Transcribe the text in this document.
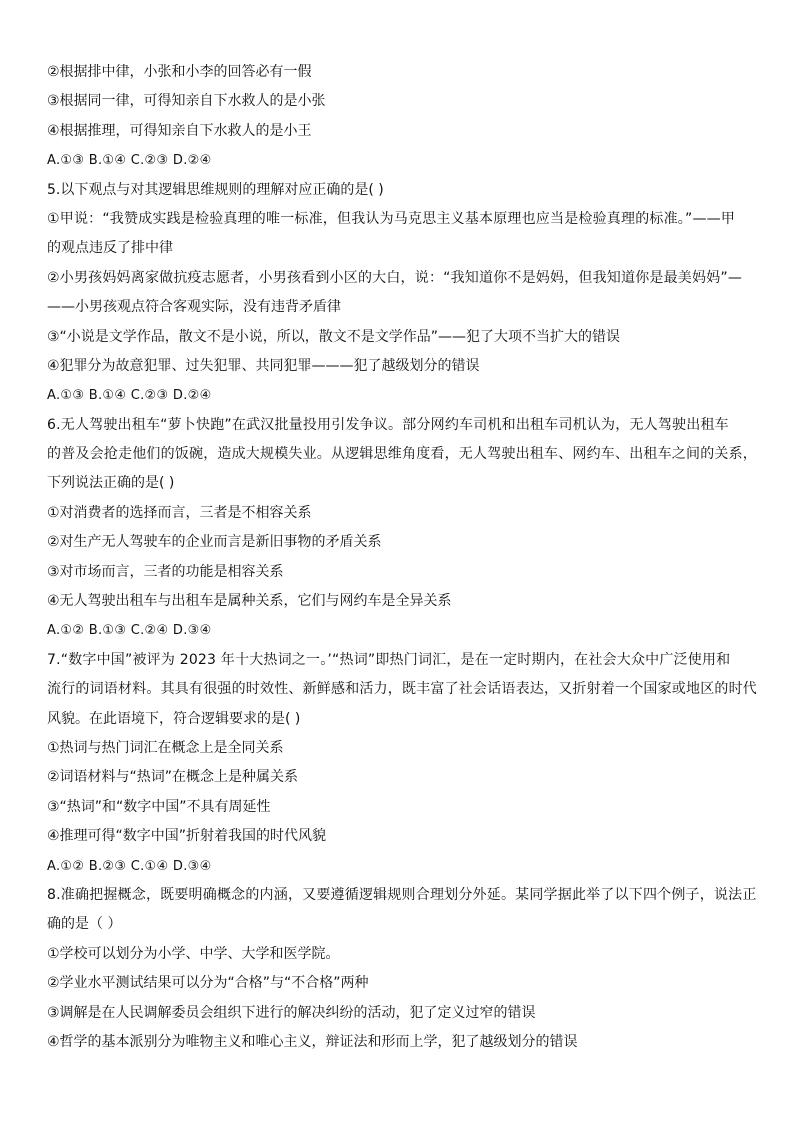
②根据排中律，小张和小李的回答必有一假
③根据同一律，可得知亲自下水救人的是小张
④根据推理，可得知亲自下水救人的是小王
A.①③ B.①④ C.②③ D.②④
5.以下观点与对其逻辑思维规则的理解对应正确的是( )
①甲说：“我赞成实践是检验真理的唯一标准，但我认为马克思主义基本原理也应当是检验真理的标准。”——甲
的观点违反了排中律
②小男孩妈妈离家做抗疫志愿者，小男孩看到小区的大白，说：“我知道你不是妈妈，但我知道你是最美妈妈”—
——小男孩观点符合客观实际，没有违背矛盾律
③“小说是文学作品，散文不是小说，所以，散文不是文学作品”——犯了大项不当扩大的错误
④犯罪分为故意犯罪、过失犯罪、共同犯罪———犯了越级划分的错误
A.①③ B.①④ C.②③ D.②④
6.无人驾驶出租车“萝卜快跑”在武汉批量投用引发争议。部分网约车司机和出租车司机认为，无人驾驶出租车
的普及会抢走他们的饭碗，造成大规模失业。从逻辑思维角度看，无人驾驶出租车、网约车、出租车之间的关系，
下列说法正确的是( )
①对消费者的选择而言，三者是不相容关系
②对生产无人驾驶车的企业而言是新旧事物的矛盾关系
③对市场而言，三者的功能是相容关系
④无人驾驶出租车与出租车是属种关系，它们与网约车是全异关系
A.①② B.①③ C.②④ D.③④
7.“数字中国”被评为 2023 年十大热词之一。’“热词”即热门词汇，是在一定时期内，在社会大众中广泛使用和
流行的词语材料。其具有很强的时效性、新鲜感和活力，既丰富了社会话语表达，又折射着一个国家或地区的时代
风貌。在此语境下，符合逻辑要求的是( )
①热词与热门词汇在概念上是全同关系
②词语材料与“热词”在概念上是种属关系
③“热词”和“数字中国”不具有周延性
④推理可得“数字中国”折射着我国的时代风貌
A.①② B.②③ C.①④ D.③④
8.准确把握概念，既要明确概念的内涵，又要遵循逻辑规则合理划分外延。某同学据此举了以下四个例子，说法正
确的是（ ）
①学校可以划分为小学、中学、大学和医学院。
②学业水平测试结果可以分为“合格”与“不合格”两种
③调解是在人民调解委员会组织下进行的解决纠纷的活动，犯了定义过窄的错误
④哲学的基本派别分为唯物主义和唯心主义，辩证法和形而上学，犯了越级划分的错误
